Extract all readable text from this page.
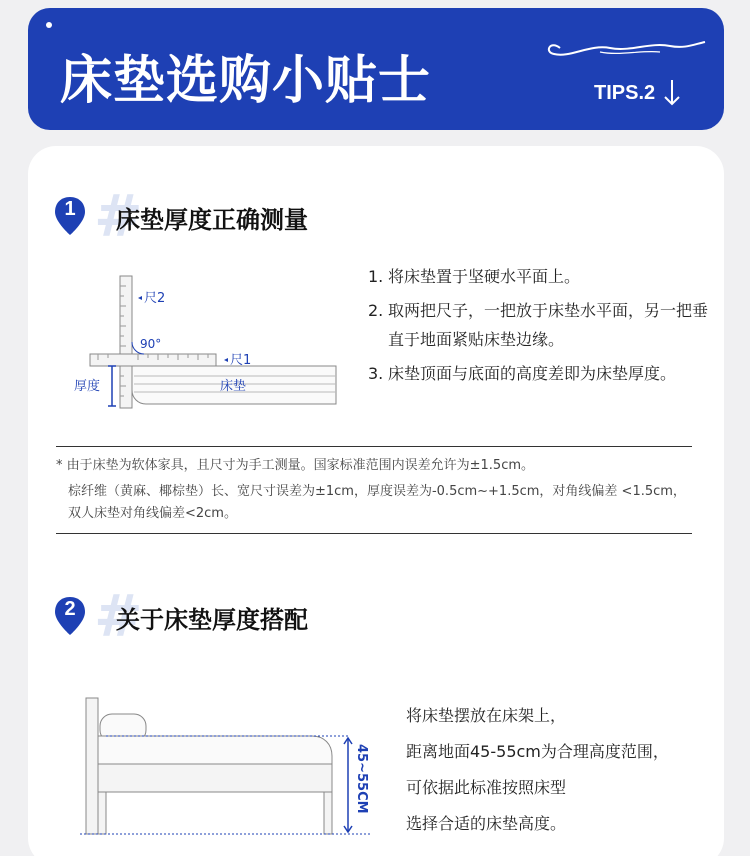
床垫选购小贴士	TIPS.2
#
1	床垫厚度正确测量
尺2
90°
尺1
厚度	床垫
1. 将床垫置于坚硬水平面上。
2. 取两把尺子，一把放于床垫水平面，另一把垂直于地面紧贴床垫边缘。
3. 床垫顶面与底面的高度差即为床垫厚度。
* 由于床垫为软体家具，且尺寸为手工测量。国家标准范围内误差允许为±1.5cm。
棕纤维（黄麻、椰棕垫）长、宽尺寸误差为±1cm，厚度误差为-0.5cm~+1.5cm，对角线偏差 <1.5cm，双人床垫对角线偏差<2cm。
#
2	关于床垫厚度搭配
45~55CM
将床垫摆放在床架上，
距离地面45-55cm为合理高度范围，
可依据此标准按照床型
选择合适的床垫高度。
